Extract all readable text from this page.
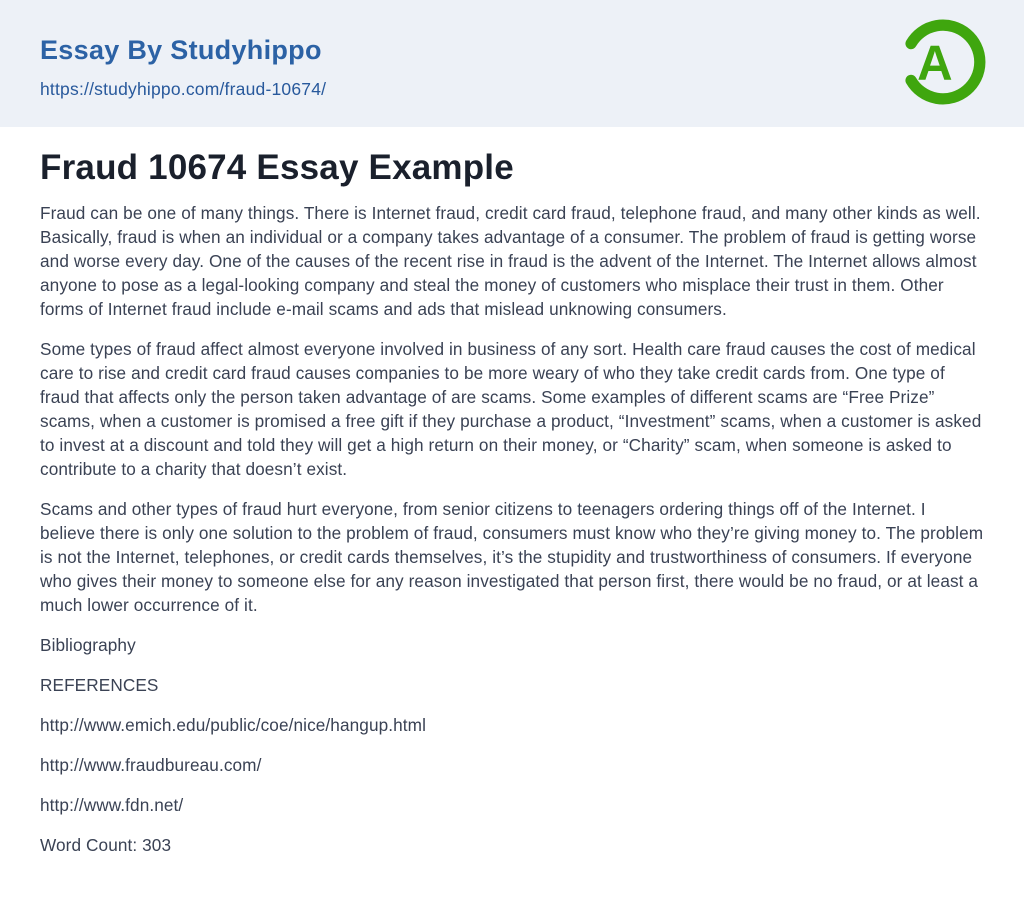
Essay By Studyhippo
https://studyhippo.com/fraud-10674/	A
Fraud 10674 Essay Example

Fraud can be one of many things. There is Internet fraud, credit card fraud, telephone fraud, and many other kinds as well. Basically, fraud is when an individual or a company takes advantage of a consumer. The problem of fraud is getting worse and worse every day. One of the causes of the recent rise in fraud is the advent of the Internet. The Internet allows almost anyone to pose as a legal-looking company and steal the money of customers who misplace their trust in them. Other forms of Internet fraud include e-mail scams and ads that mislead unknowing consumers.

Some types of fraud affect almost everyone involved in business of any sort. Health care fraud causes the cost of medical care to rise and credit card fraud causes companies to be more weary of who they take credit cards from. One type of fraud that affects only the person taken advantage of are scams. Some examples of different scams are “Free Prize” scams, when a customer is promised a free gift if they purchase a product, “Investment” scams, when a customer is asked to invest at a discount and told they will get a high return on their money, or “Charity” scam, when someone is asked to contribute to a charity that doesn’t exist.

Scams and other types of fraud hurt everyone, from senior citizens to teenagers ordering things off of the Internet. I believe there is only one solution to the problem of fraud, consumers must know who they’re giving money to. The problem is not the Internet, telephones, or credit cards themselves, it’s the stupidity and trustworthiness of consumers. If everyone who gives their money to someone else for any reason investigated that person first, there would be no fraud, or at least a much lower occurrence of it.

Bibliography

REFERENCES

http://www.emich.edu/public/coe/nice/hangup.html

http://www.fraudbureau.com/

http://www.fdn.net/

Word Count: 303
